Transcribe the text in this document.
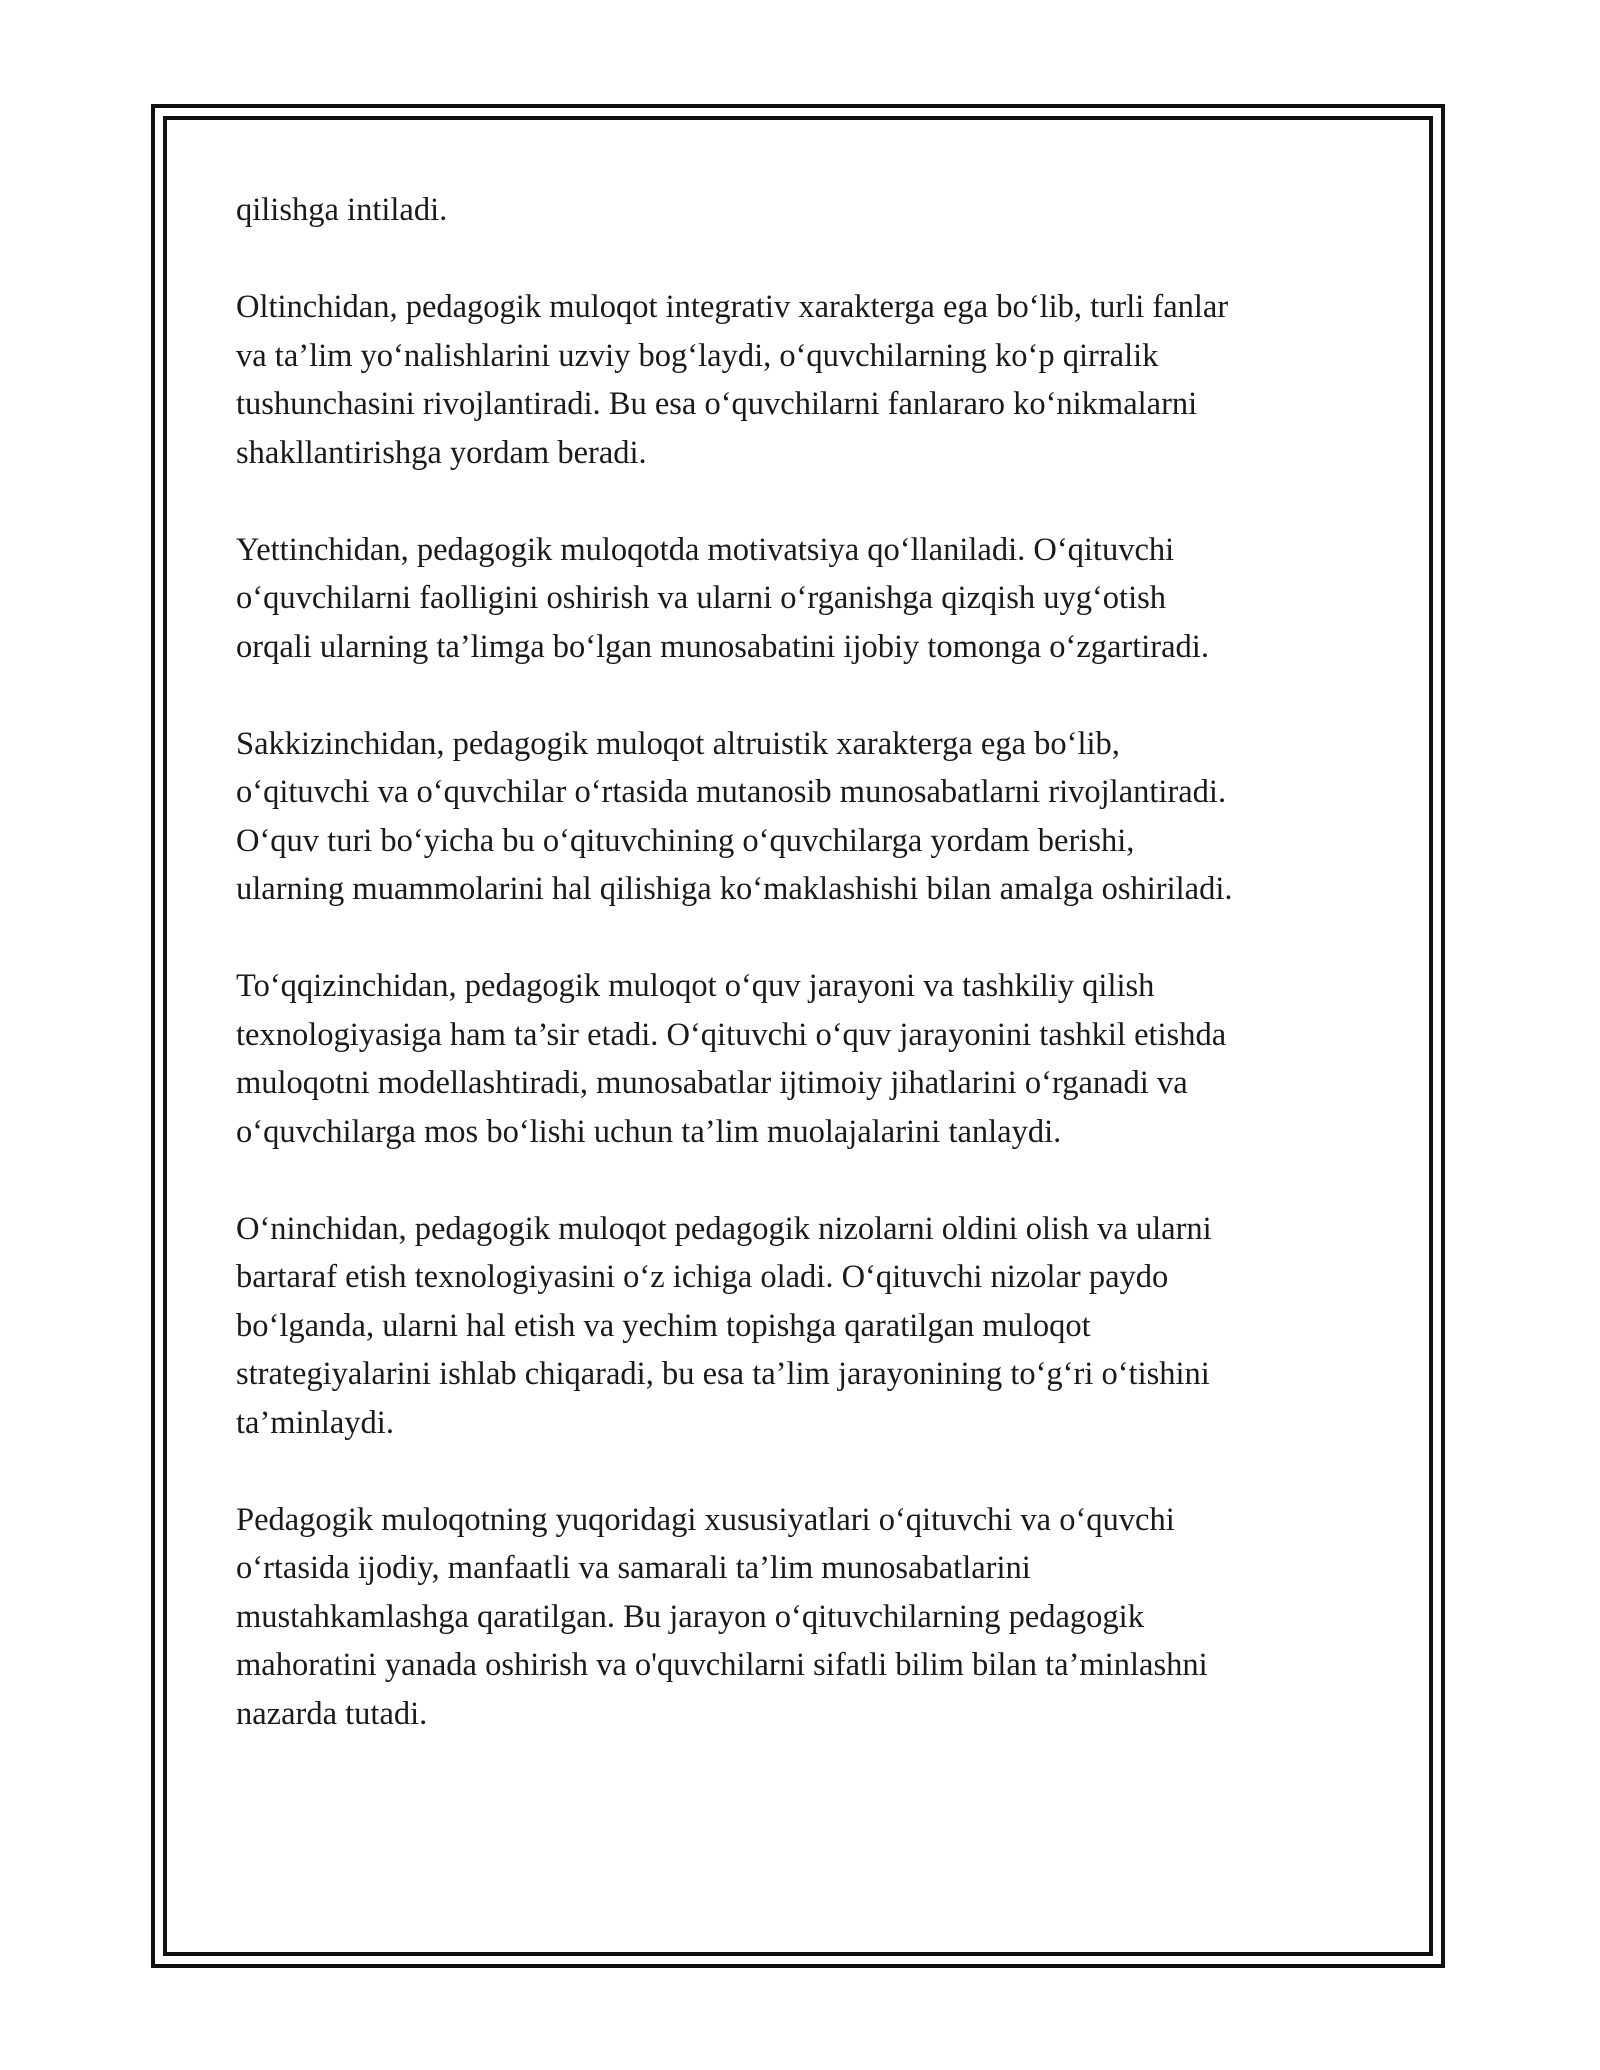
qilishga intiladi.

Oltinchidan, pedagogik muloqot integrativ xarakterga ega bo‘lib, turli fanlar
va ta’lim yo‘nalishlarini uzviy bog‘laydi, o‘quvchilarning ko‘p qirralik
tushunchasini rivojlantiradi. Bu esa o‘quvchilarni fanlararo ko‘nikmalarni
shakllantirishga yordam beradi.

Yettinchidan, pedagogik muloqotda motivatsiya qo‘llaniladi. O‘qituvchi
o‘quvchilarni faolligini oshirish va ularni o‘rganishga qizqish uyg‘otish
orqali ularning ta’limga bo‘lgan munosabatini ijobiy tomonga o‘zgartiradi.

Sakkizinchidan, pedagogik muloqot altruistik xarakterga ega bo‘lib,
o‘qituvchi va o‘quvchilar o‘rtasida mutanosib munosabatlarni rivojlantiradi.
O‘quv turi bo‘yicha bu o‘qituvchining o‘quvchilarga yordam berishi,
ularning muammolarini hal qilishiga ko‘maklashishi bilan amalga oshiriladi.

To‘qqizinchidan, pedagogik muloqot o‘quv jarayoni va tashkiliy qilish
texnologiyasiga ham ta’sir etadi. O‘qituvchi o‘quv jarayonini tashkil etishda
muloqotni modellashtiradi, munosabatlar ijtimoiy jihatlarini o‘rganadi va
o‘quvchilarga mos bo‘lishi uchun ta’lim muolajalarini tanlaydi.

O‘ninchidan, pedagogik muloqot pedagogik nizolarni oldini olish va ularni
bartaraf etish texnologiyasini o‘z ichiga oladi. O‘qituvchi nizolar paydo
bo‘lganda, ularni hal etish va yechim topishga qaratilgan muloqot
strategiyalarini ishlab chiqaradi, bu esa ta’lim jarayonining to‘g‘ri o‘tishini
ta’minlaydi.

Pedagogik muloqotning yuqoridagi xususiyatlari o‘qituvchi va o‘quvchi
o‘rtasida ijodiy, manfaatli va samarali ta’lim munosabatlarini
mustahkamlashga qaratilgan. Bu jarayon o‘qituvchilarning pedagogik
mahoratini yanada oshirish va o'quvchilarni sifatli bilim bilan ta’minlashni
nazarda tutadi.
